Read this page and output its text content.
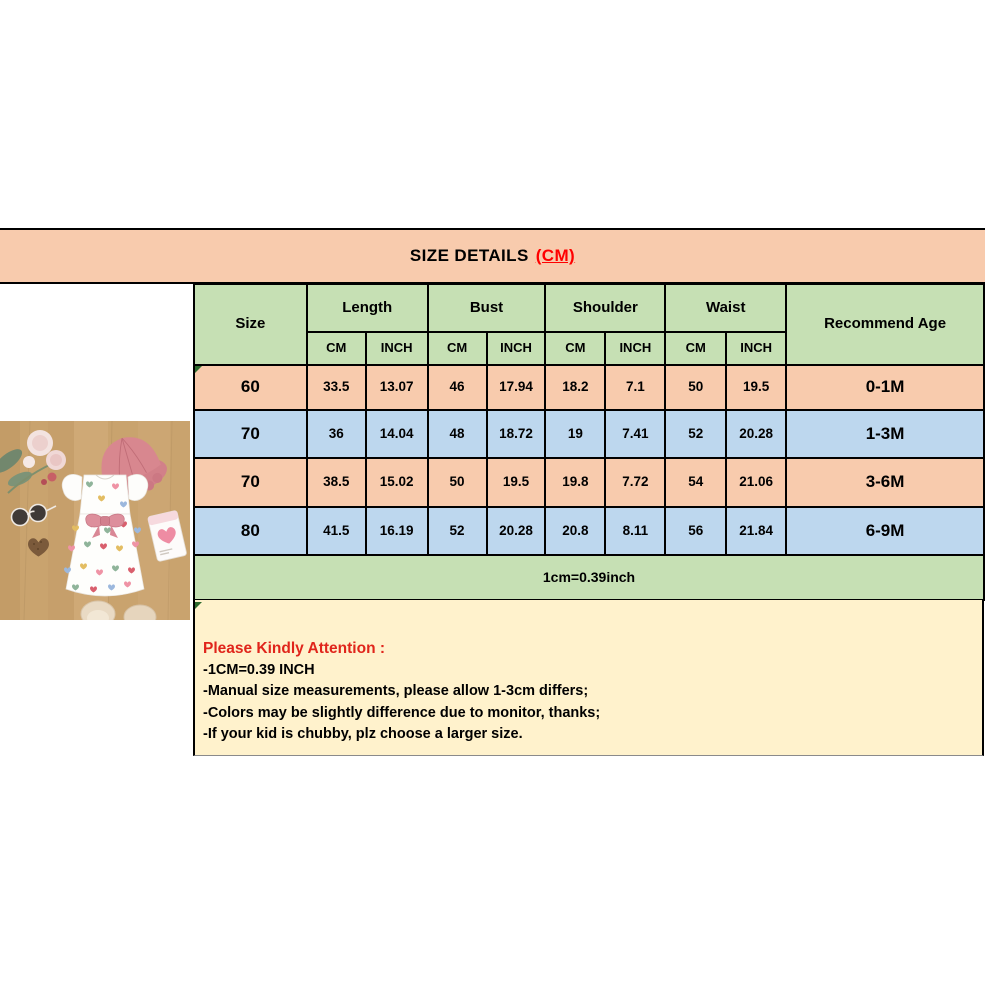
SIZE DETAILS (CM)
Size	Length		Bust		Shoulder		Waist		Recommend Age
	CM	INCH	CM	INCH	CM	INCH	CM	INCH	
60	33.5	13.07	46	17.94	18.2	7.1	50	19.5	0-1M
70	36	14.04	48	18.72	19	7.41	52	20.28	1-3M
70	38.5	15.02	50	19.5	19.8	7.72	54	21.06	3-6M
80	41.5	16.19	52	20.28	20.8	8.11	56	21.84	6-9M
1cm=0.39inch									
Please Kindly Attention :
-1CM=0.39 INCH
-Manual size measurements, please allow 1-3cm differs;
-Colors may be slightly difference due to monitor, thanks;
-If your kid is chubby, plz choose a larger size.
